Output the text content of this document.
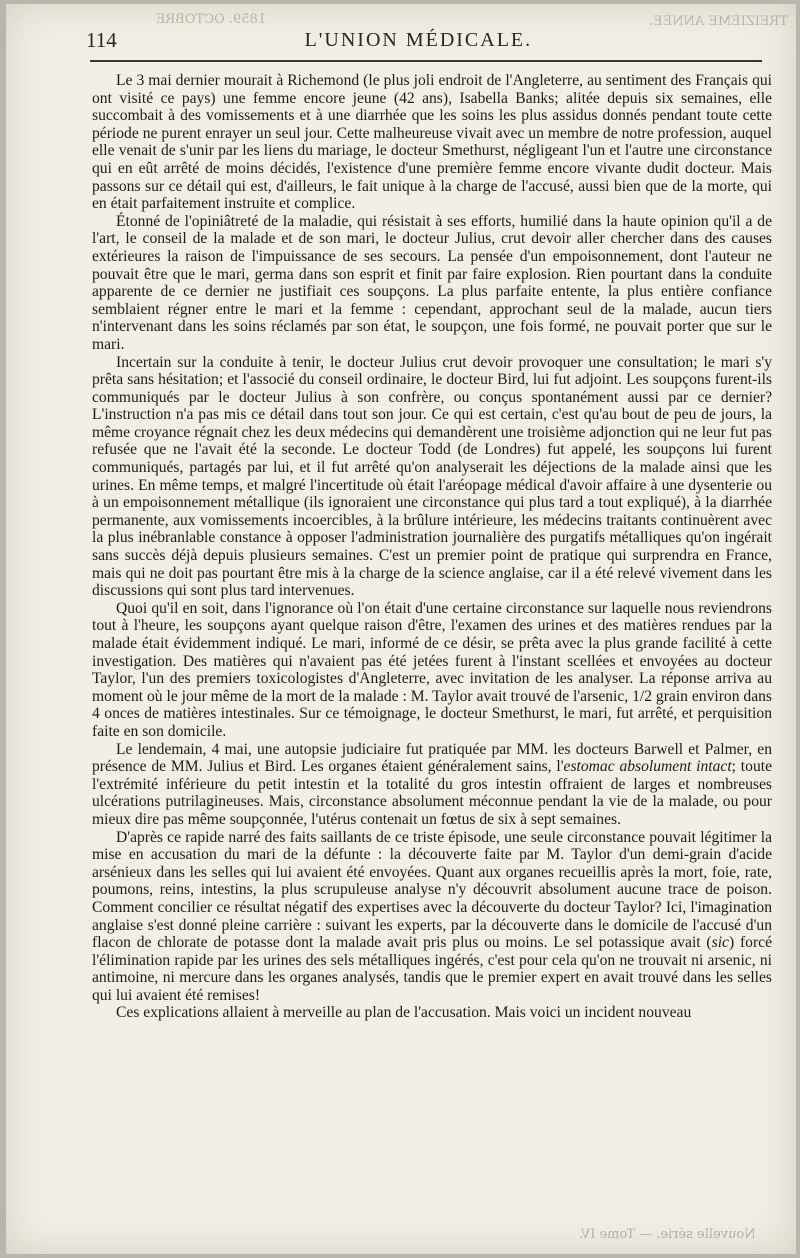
1859. OCTOBRE	TREIZIÈME ANNÉE.
114	L'UNION MÉDICALE.

Le 3 mai dernier mourait à Richemond (le plus joli endroit de l'Angleterre, au sentiment des Français qui ont visité ce pays) une femme encore jeune (42 ans), Isabella Banks; alitée depuis six semaines, elle succombait à des vomissements et à une diarrhée que les soins les plus assidus donnés pendant toute cette période ne purent enrayer un seul jour. Cette malheureuse vivait avec un membre de notre profession, auquel elle venait de s'unir par les liens du mariage, le docteur Smethurst, négligeant l'un et l'autre une circonstance qui en eût arrêté de moins décidés, l'existence d'une première femme encore vivante dudit docteur. Mais passons sur ce détail qui est, d'ailleurs, le fait unique à la charge de l'accusé, aussi bien que de la morte, qui en était parfaitement instruite et complice.

Étonné de l'opiniâtreté de la maladie, qui résistait à ses efforts, humilié dans la haute opinion qu'il a de l'art, le conseil de la malade et de son mari, le docteur Julius, crut devoir aller chercher dans des causes extérieures la raison de l'impuissance de ses secours. La pensée d'un empoisonnement, dont l'auteur ne pouvait être que le mari, germa dans son esprit et finit par faire explosion. Rien pourtant dans la conduite apparente de ce dernier ne justifiait ces soupçons. La plus parfaite entente, la plus entière confiance semblaient régner entre le mari et la femme : cependant, approchant seul de la malade, aucun tiers n'intervenant dans les soins réclamés par son état, le soupçon, une fois formé, ne pouvait porter que sur le mari.

Incertain sur la conduite à tenir, le docteur Julius crut devoir provoquer une consultation; le mari s'y prêta sans hésitation; et l'associé du conseil ordinaire, le docteur Bird, lui fut adjoint. Les soupçons furent-ils communiqués par le docteur Julius à son confrère, ou conçus spontanément aussi par ce dernier? L'instruction n'a pas mis ce détail dans tout son jour. Ce qui est certain, c'est qu'au bout de peu de jours, la même croyance régnait chez les deux médecins qui demandèrent une troisième adjonction qui ne leur fut pas refusée que ne l'avait été la seconde. Le docteur Todd (de Londres) fut appelé, les soupçons lui furent communiqués, partagés par lui, et il fut arrêté qu'on analyserait les déjections de la malade ainsi que les urines. En même temps, et malgré l'incertitude où était l'aréopage médical d'avoir affaire à une dysenterie ou à un empoisonnement métallique (ils ignoraient une circonstance qui plus tard a tout expliqué), à la diarrhée permanente, aux vomissements incoercibles, à la brûlure intérieure, les médecins traitants continuèrent avec la plus inébranlable constance à opposer l'administration journalière des purgatifs métalliques qu'on ingérait sans succès déjà depuis plusieurs semaines. C'est un premier point de pratique qui surprendra en France, mais qui ne doit pas pourtant être mis à la charge de la science anglaise, car il a été relevé vivement dans les discussions qui sont plus tard intervenues.

Quoi qu'il en soit, dans l'ignorance où l'on était d'une certaine circonstance sur laquelle nous reviendrons tout à l'heure, les soupçons ayant quelque raison d'être, l'examen des urines et des matières rendues par la malade était évidemment indiqué. Le mari, informé de ce désir, se prêta avec la plus grande facilité à cette investigation. Des matières qui n'avaient pas été jetées furent à l'instant scellées et envoyées au docteur Taylor, l'un des premiers toxicologistes d'Angleterre, avec invitation de les analyser. La réponse arriva au moment où le jour même de la mort de la malade : M. Taylor avait trouvé de l'arsenic, 1/2 grain environ dans 4 onces de matières intestinales. Sur ce témoignage, le docteur Smethurst, le mari, fut arrêté, et perquisition faite en son domicile.

Le lendemain, 4 mai, une autopsie judiciaire fut pratiquée par MM. les docteurs Barwell et Palmer, en présence de MM. Julius et Bird. Les organes étaient généralement sains, l'estomac absolument intact; toute l'extrémité inférieure du petit intestin et la totalité du gros intestin offraient de larges et nombreuses ulcérations putrilagineuses. Mais, circonstance absolument méconnue pendant la vie de la malade, ou pour mieux dire pas même soupçonnée, l'utérus contenait un fœtus de six à sept semaines.

D'après ce rapide narré des faits saillants de ce triste épisode, une seule circonstance pouvait légitimer la mise en accusation du mari de la défunte : la découverte faite par M. Taylor d'un demi-grain d'acide arsénieux dans les selles qui lui avaient été envoyées. Quant aux organes recueillis après la mort, foie, rate, poumons, reins, intestins, la plus scrupuleuse analyse n'y découvrit absolument aucune trace de poison. Comment concilier ce résultat négatif des expertises avec la découverte du docteur Taylor? Ici, l'imagination anglaise s'est donné pleine carrière : suivant les experts, par la découverte dans le domicile de l'accusé d'un flacon de chlorate de potasse dont la malade avait pris plus ou moins. Le sel potassique avait (sic) forcé l'élimination rapide par les urines des sels métalliques ingérés, c'est pour cela qu'on ne trouvait ni arsenic, ni antimoine, ni mercure dans les organes analysés, tandis que le premier expert en avait trouvé dans les selles qui lui avaient été remises!

Ces explications allaient à merveille au plan de l'accusation. Mais voici un incident nouveau

Nouvelle série. — Tome IV.
